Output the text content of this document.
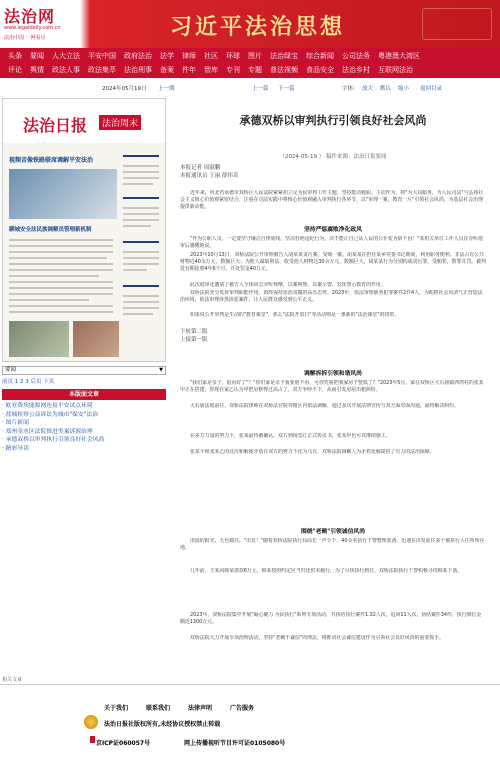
法治网
www.legaldaily.com.cn
法治中国 一网看尽	习近平法治思想
头条	要闻	人大立法	平安中国	政府法治	法学	律师	社区	环球	图片	法治绿宝	综合新闻	公司法务	粤港澳大湾区
评论	舆情	政法人事	政法集萃	法治刑事	备案	件年	智库	专刊	专题	普法视频	食品安全	法治乡村	互联网法治
2024年05月19日 上一期	上一篇 下一篇	字体: 放大 默认 缩小 返回目录
法治日报	法治周末
视频音像铁路联席调解平安法治
聊城安全法民族调解员管理新机制
要闻	▼
前页 1 2 3 后页 下页
本版面文章
· 欧亚费埃能源网连接平安试点环境
· 盐城检察公益诉讼为城市"保安"法治
· 图片新闻
· 郑州金水区法院推进类案诉源治理
· 承德双桥以审判执行引领良好社会风尚
· 精彩导读
承德双桥以审判执行引领良好社会风尚
（2024-05-19 ） 稿件来源：法治日报要闻
本报记者 周淑鹏
本报通讯员 王丽 薛伟奇
近年来，河北省承德市双桥区人民法院紧紧扣立足为民审判工作主题，坚持能动履职、主动作为，将"为大局服务，为人民司法"与弘扬社会主义核心价值观紧密结合，注重在司法实践中将核心价值观融入审判执行各环节，以"审理一案，教育一片"引领社会风尚，为基层社会治理提供新动能。
坚持严惩腐败净化政风
"作为公职人员，一定要坚守廉洁自律底线，坚决杜绝违纪行为，决不能让自己从人民的公仆变为阶下囚！"某机关单位工作人员在旁听庭审后感慨地说。
2023年10月13日，双桥法院公开审理被告人胡某某贪污案，受贿一案。胡某某在担任某乡党委书记期间，利用职务便利，非法占有公共财物近40余万元，数额巨大；为他人谋取利益，收受他人财物达30余万元，数额巨大，胡某某行为分别构成贪污罪、受贿罪，数罪并罚，被判处有期徒刑4年6个月，并处罚金40万元。
此次庭审还邀请了被告人全体同志旁听观摩，以案明理，以案示警，发挥警示教育的作用。
双桥法院充分发挥审判职能作用，始终保持惩治贪腐的高压态势。2023年，依法审理职务犯罪案件2件4人。为助推社会风清气正营造法治环境，依法审理涉黑涉恶案件，让人民群众感受到公平正义。
如果说公开审判是生动的"教育课堂"，那么"法院开放日"等活动则是一条新的"法治课堂"的纽带。
下转第二版
上接第一版
调解拆拆引领和谐风尚
"我们家是亲子，很看好了"？"你们家是亲子我要别不看，可你凭啥把我家房子整低了？"2023年5月，家住双桥区大石庙镇西湾村的张某甲正在搭建，你现在家乙认为甲把房修得过高占了，双方争吵不下，从而引发房屋出租纠纷。
大石庙法庭前往，双桥法院律师在双桥法官院等辖区内依法调解，通过多次开展法律宣传与双方面对面沟通，最终解决纠纷。
在多方力量的努力下，张某最终被确认，双方到场签订正式协议书，张某甲也可以继续施工。
张某平和张某乙的这次和解使矛盾在双方的努力下化为乌有，双桥法院调解人为矛盾化解提供了有力的法治保障。
围绕"老赖"引领诚信风尚
清晨的阳光，天色微亮。"出发！"随着双桥法院执行局局长一声令下，40余名执行干警整理装备，迅速在出发前往多个被执行人住所所在地。
几年前，王某向韩某借款6万元，韩某按照约定应当归还但未履行，为了尽快执行到位，双桥法院执行干警积极寻找韩某下落。
2023年，双桥法院集中开展"凝心聚力 为民执行"系列专项活动，共执结执行案件1.32人次，追回11人次，执结案件34件，执行到位金额近1300万元。
双桥法院大力开展专项治理活动，坚持"老赖不诚信"的理念，将推动社会诚信建设作为引领社会良好风尚的重要抓手。
相关文章
关于我们	联系我们	法律声明	广告服务
法治日报社版权所有,未经协议授权禁止转载
京ICP证060057号	网上传播视听节目许可证0105080号
